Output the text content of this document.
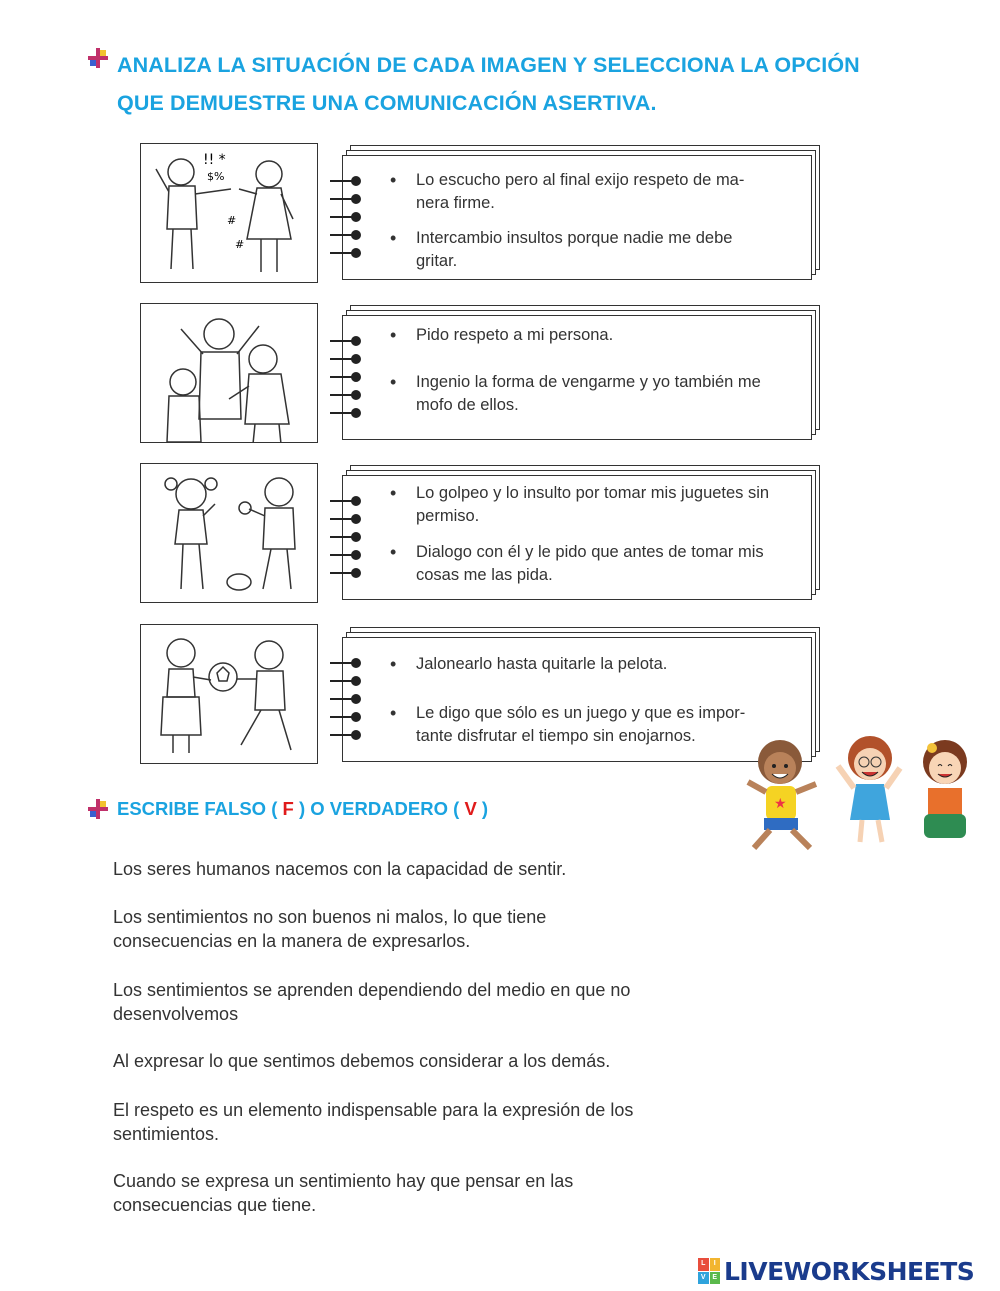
ANALIZA LA SITUACIÓN DE CADA IMAGEN Y SELECCIONA LA OPCIÓN
QUE DEMUESTRE UNA COMUNICACIÓN ASERTIVA.
!! *
$%
#
#
• Lo escucho pero al final exijo respeto de ma- nera firme.
• Intercambio insultos porque nadie me debe gritar.
• Pido respeto a mi persona.
• Ingenio la forma de vengarme y yo también me mofo de ellos.
• Lo golpeo y lo insulto por tomar mis juguetes sin permiso.
• Dialogo con él y le pido que antes de tomar mis cosas me las pida.
• Jalonearlo hasta quitarle la pelota.
• Le digo que sólo es un juego y que es impor- tante disfrutar el tiempo sin enojarnos.
★
ESCRIBE FALSO ( F ) O VERDADERO ( V )
Los seres humanos nacemos con la capacidad de sentir.
Los sentimientos no son buenos ni malos, lo que tiene consecuencias en la manera de expresarlos.
Los sentimientos se aprenden dependiendo del medio en que no desenvolvemos
Al expresar lo que sentimos debemos considerar a los demás.
El respeto es un elemento indispensable para la expresión de los sentimientos.
Cuando se expresa un sentimiento hay que pensar en las consecuencias que tiene.
L	I
V E LIVEWORKSHEETS
